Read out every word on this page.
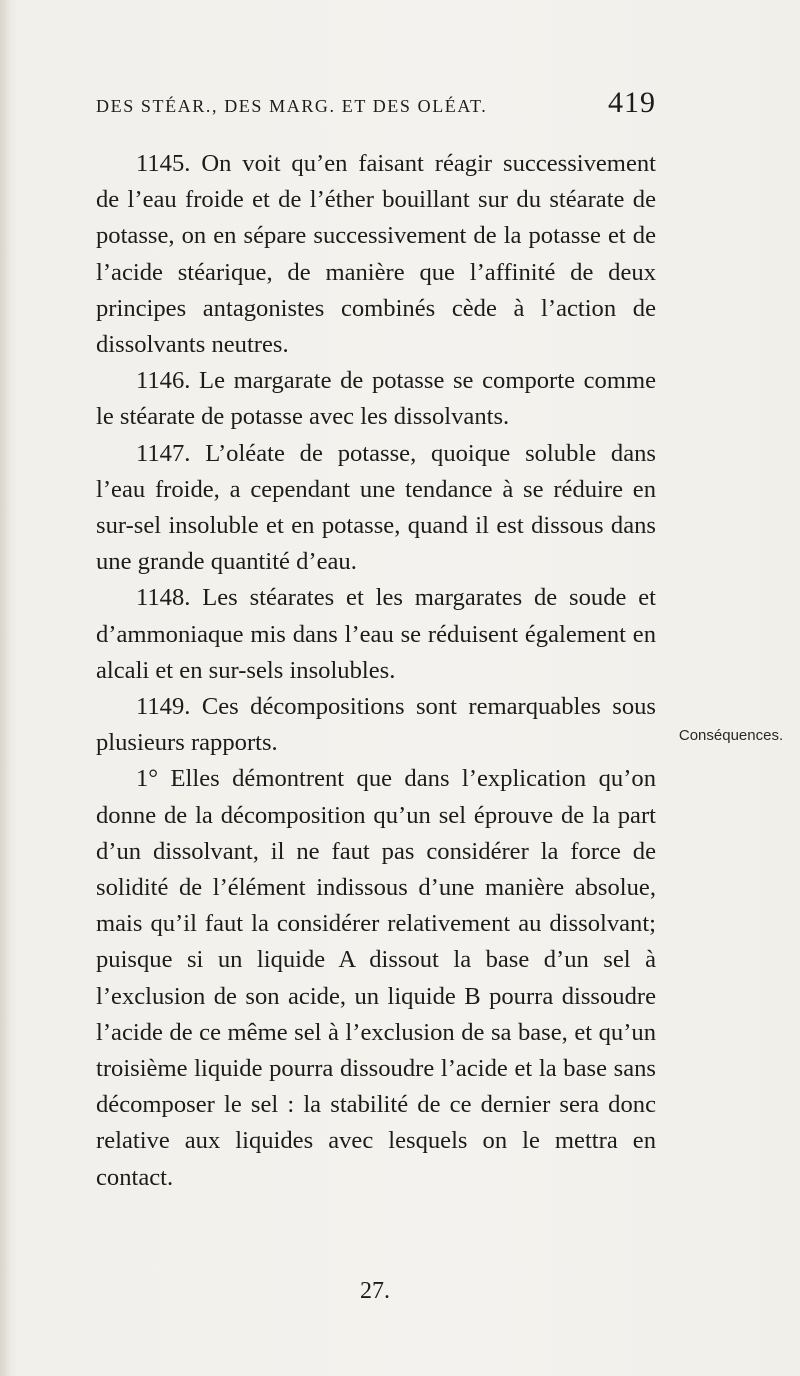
DES STÉAR., DES MARG. ET DES OLÉAT.	419

1145. On voit qu’en faisant réagir successivement de l’eau froide et de l’éther bouillant sur du stéarate de potasse, on en sépare successivement de la potasse et de l’acide stéarique, de manière que l’affinité de deux principes antagonistes combinés cède à l’action de dissolvants neutres.

1146. Le margarate de potasse se comporte comme le stéarate de potasse avec les dissolvants.

1147. L’oléate de potasse, quoique soluble dans l’eau froide, a cependant une tendance à se réduire en sur-sel insoluble et en potasse, quand il est dissous dans une grande quantité d’eau.

1148. Les stéarates et les margarates de soude et d’ammoniaque mis dans l’eau se réduisent également en alcali et en sur-sels insolubles.

1149. Ces décompositions sont remarquables sous plusieurs rapports.

1° Elles démontrent que dans l’explication qu’on donne de la décomposition qu’un sel éprouve de la part d’un dissolvant, il ne faut pas considérer la force de solidité de l’élément indissous d’une manière absolue, mais qu’il faut la considérer relativement au dissolvant; puisque si un liquide A dissout la base d’un sel à l’exclusion de son acide, un liquide B pourra dissoudre l’acide de ce même sel à l’exclusion de sa base, et qu’un troisième liquide pourra dissoudre l’acide et la base sans décomposer le sel : la stabilité de ce dernier sera donc relative aux liquides avec lesquels on le mettra en contact.

Conséquences.
27.
